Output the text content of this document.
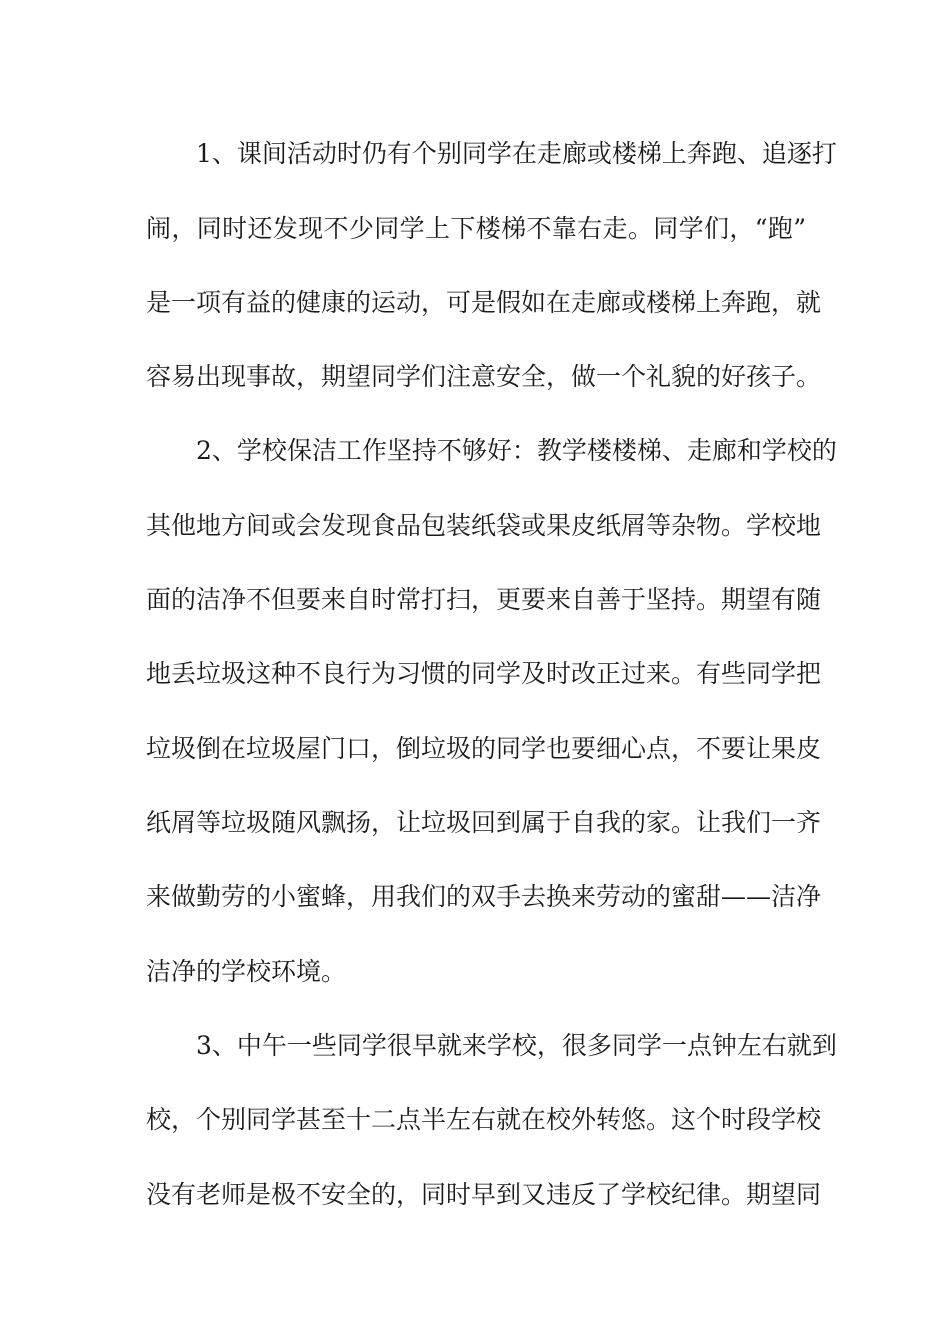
1、课间活动时仍有个别同学在走廊或楼梯上奔跑、追逐打
闹，同时还发现不少同学上下楼梯不靠右走。同学们，“跑”
是一项有益的健康的运动，可是假如在走廊或楼梯上奔跑，就
容易出现事故，期望同学们注意安全，做一个礼貌的好孩子。
2、学校保洁工作坚持不够好：教学楼楼梯、走廊和学校的
其他地方间或会发现食品包装纸袋或果皮纸屑等杂物。学校地
面的洁净不但要来自时常打扫，更要来自善于坚持。期望有随
地丢垃圾这种不良行为习惯的同学及时改正过来。有些同学把
垃圾倒在垃圾屋门口，倒垃圾的同学也要细心点，不要让果皮
纸屑等垃圾随风飘扬，让垃圾回到属于自我的家。让我们一齐
来做勤劳的小蜜蜂，用我们的双手去换来劳动的蜜甜——洁净
洁净的学校环境。
3、中午一些同学很早就来学校，很多同学一点钟左右就到
校，个别同学甚至十二点半左右就在校外转悠。这个时段学校
没有老师是极不安全的，同时早到又违反了学校纪律。期望同
